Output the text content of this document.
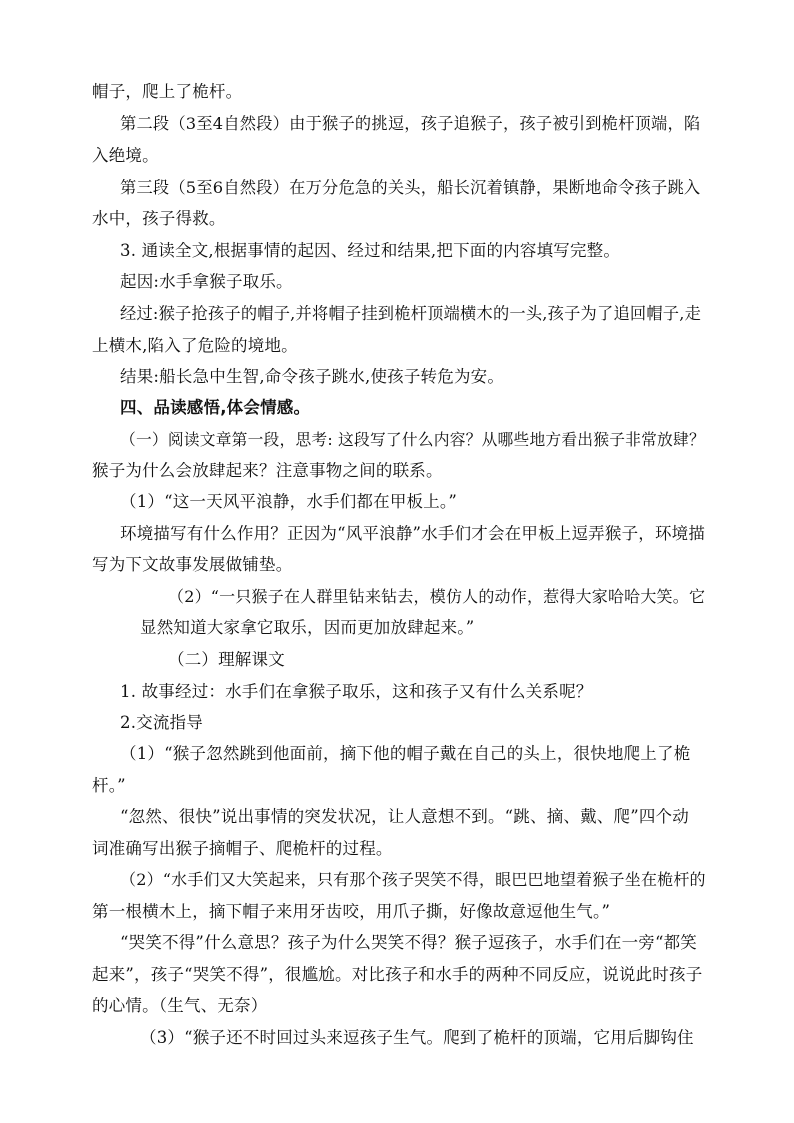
帽子，爬上了桅杆。
第二段（3至4自然段）由于猴子的挑逗，孩子追猴子，孩子被引到桅杆顶端，陷
入绝境。
第三段（5至6自然段）在万分危急的关头，船长沉着镇静，果断地命令孩子跳入
水中，孩子得救。
3. 通读全文,根据事情的起因、经过和结果,把下面的内容填写完整。
起因:水手拿猴子取乐。
经过:猴子抢孩子的帽子,并将帽子挂到桅杆顶端横木的一头,孩子为了追回帽子,走
上横木,陷入了危险的境地。
结果:船长急中生智,命令孩子跳水,使孩子转危为安。
四、品读感悟,体会情感。
（一）阅读文章第一段，思考: 这段写了什么内容？从哪些地方看出猴子非常放肆？
猴子为什么会放肆起来？注意事物之间的联系。
（1）“这一天风平浪静，水手们都在甲板上。”
环境描写有什么作用？正因为“风平浪静”水手们才会在甲板上逗弄猴子，环境描
写为下文故事发展做铺垫。
（2）“一只猴子在人群里钻来钻去，模仿人的动作，惹得大家哈哈大笑。它
显然知道大家拿它取乐，因而更加放肆起来。”
（二）理解课文
1. 故事经过：水手们在拿猴子取乐，这和孩子又有什么关系呢？
2.交流指导
（1）“猴子忽然跳到他面前，摘下他的帽子戴在自己的头上，很快地爬上了桅
杆。”
“忽然、很快”说出事情的突发状况，让人意想不到。“跳、摘、戴、爬”四个动
词准确写出猴子摘帽子、爬桅杆的过程。
（2）“水手们又大笑起来，只有那个孩子哭笑不得，眼巴巴地望着猴子坐在桅杆的
第一根横木上，摘下帽子来用牙齿咬，用爪子撕，好像故意逗他生气。”
“哭笑不得”什么意思？孩子为什么哭笑不得？猴子逗孩子，水手们在一旁“都笑
起来”，孩子“哭笑不得”，很尴尬。对比孩子和水手的两种不同反应，说说此时孩子
的心情。（生气、无奈）
（3）“猴子还不时回过头来逗孩子生气。爬到了桅杆的顶端，它用后脚钩住
